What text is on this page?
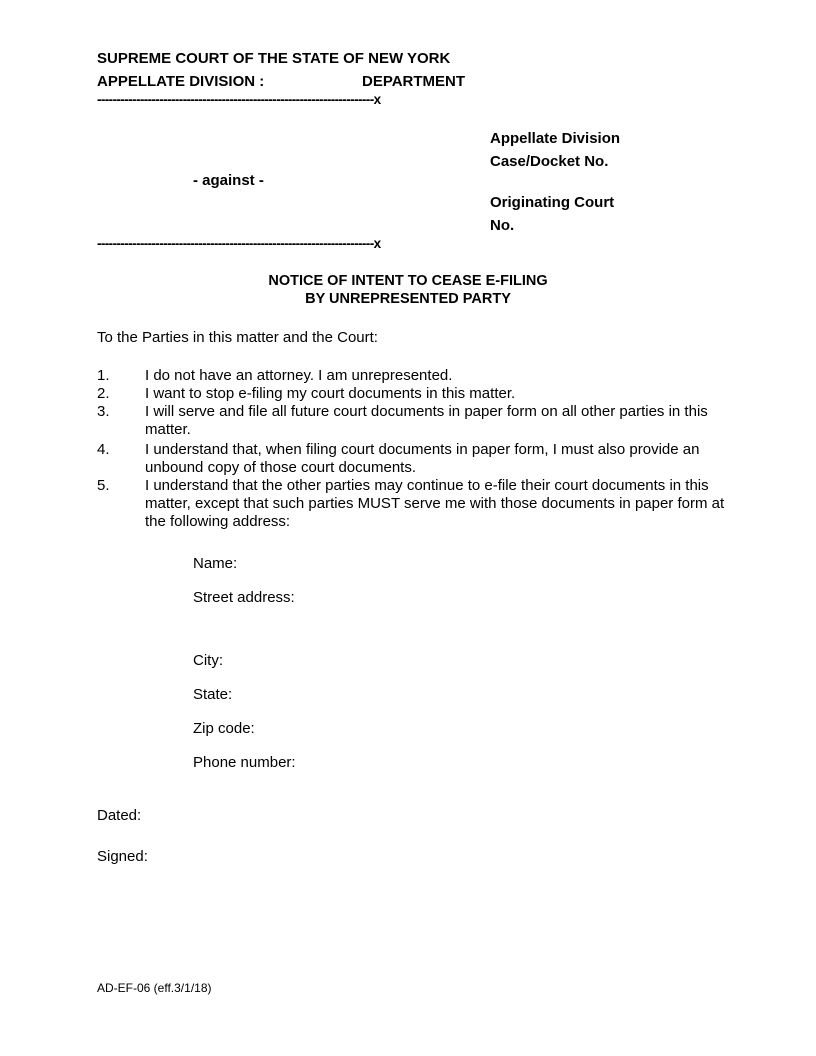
SUPREME COURT OF THE STATE OF NEW YORK
APPELLATE DIVISION :	DEPARTMENT
-----------------------------------------------------------------------x
Appellate Division
Case/Docket No.
- against -
Originating Court
No.
-----------------------------------------------------------------------x
NOTICE OF INTENT TO CEASE E-FILING
BY UNREPRESENTED PARTY
To the Parties in this matter and the Court:
1. I do not have an attorney. I am unrepresented.
2. I want to stop e-filing my court documents in this matter.
3. I will serve and file all future court documents in paper form on all other parties in this matter.
4. I understand that, when filing court documents in paper form, I must also provide an unbound copy of those court documents.
5. I understand that the other parties may continue to e-file their court documents in this matter, except that such parties MUST serve me with those documents in paper form at the following address:
Name:
Street address:
City:
State:
Zip code:
Phone number:
Dated:
Signed:
AD-EF-06 (eff.3/1/18)
